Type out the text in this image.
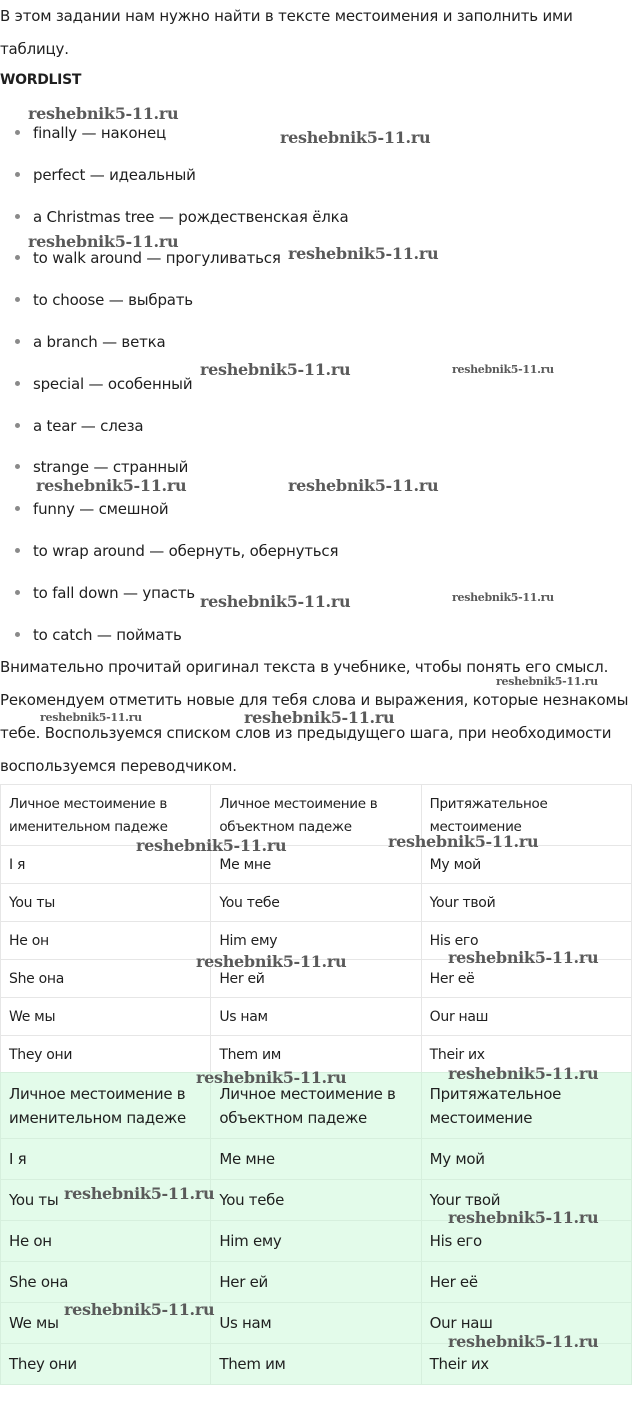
В этом задании нам нужно найти в тексте местоимения и заполнить ими таблицу.

WORDLIST
finally — наконец
perfect — идеальный
a Christmas tree — рождественская ёлка
to walk around — прогуливаться
to choose — выбрать
a branch — ветка
special — особенный
a tear — слеза
strange — странный
funny — смешной
to wrap around — обернуть, обернуться
to fall down — упасть
to catch — поймать

Внимательно прочитай оригинал текста в учебнике, чтобы понять его смысл. Рекомендуем отметить новые для тебя слова и выражения, которые незнакомы тебе. Воспользуемся списком слов из предыдущего шага, при необходимости воспользуемся переводчиком.

Личное местоимение в именительном падеже	Личное местоимение в объектном падеже	Притяжательное местоимение
I я	Me мне	My мой
You ты	You тебе	Your твой
He он	Him ему	His его
She она	Her ей	Her её
We мы	Us нам	Our наш
They они	Them им	Their их
Личное местоимение в именительном падеже	Личное местоимение в объектном падеже	Притяжательное местоимение
I я	Me мне	My мой
You ты	You тебе	Your твой
He он	Him ему	His его
She она	Her ей	Her её
We мы	Us нам	Our наш
They они	Them им	Their их
reshebnik5-11.ru
reshebnik5-11.ru
reshebnik5-11.ru
reshebnik5-11.ru
reshebnik5-11.ru	reshebnik5-11.ru
reshebnik5-11.ru	reshebnik5-11.ru
reshebnik5-11.ru	reshebnik5-11.ru
reshebnik5-11.ru
reshebnik5-11.ru	reshebnik5-11.ru
reshebnik5-11.ru	reshebnik5-11.ru
reshebnik5-11.ru	reshebnik5-11.ru
reshebnik5-11.ru	reshebnik5-11.ru
reshebnik5-11.ru
reshebnik5-11.ru
reshebnik5-11.ru
reshebnik5-11.ru
